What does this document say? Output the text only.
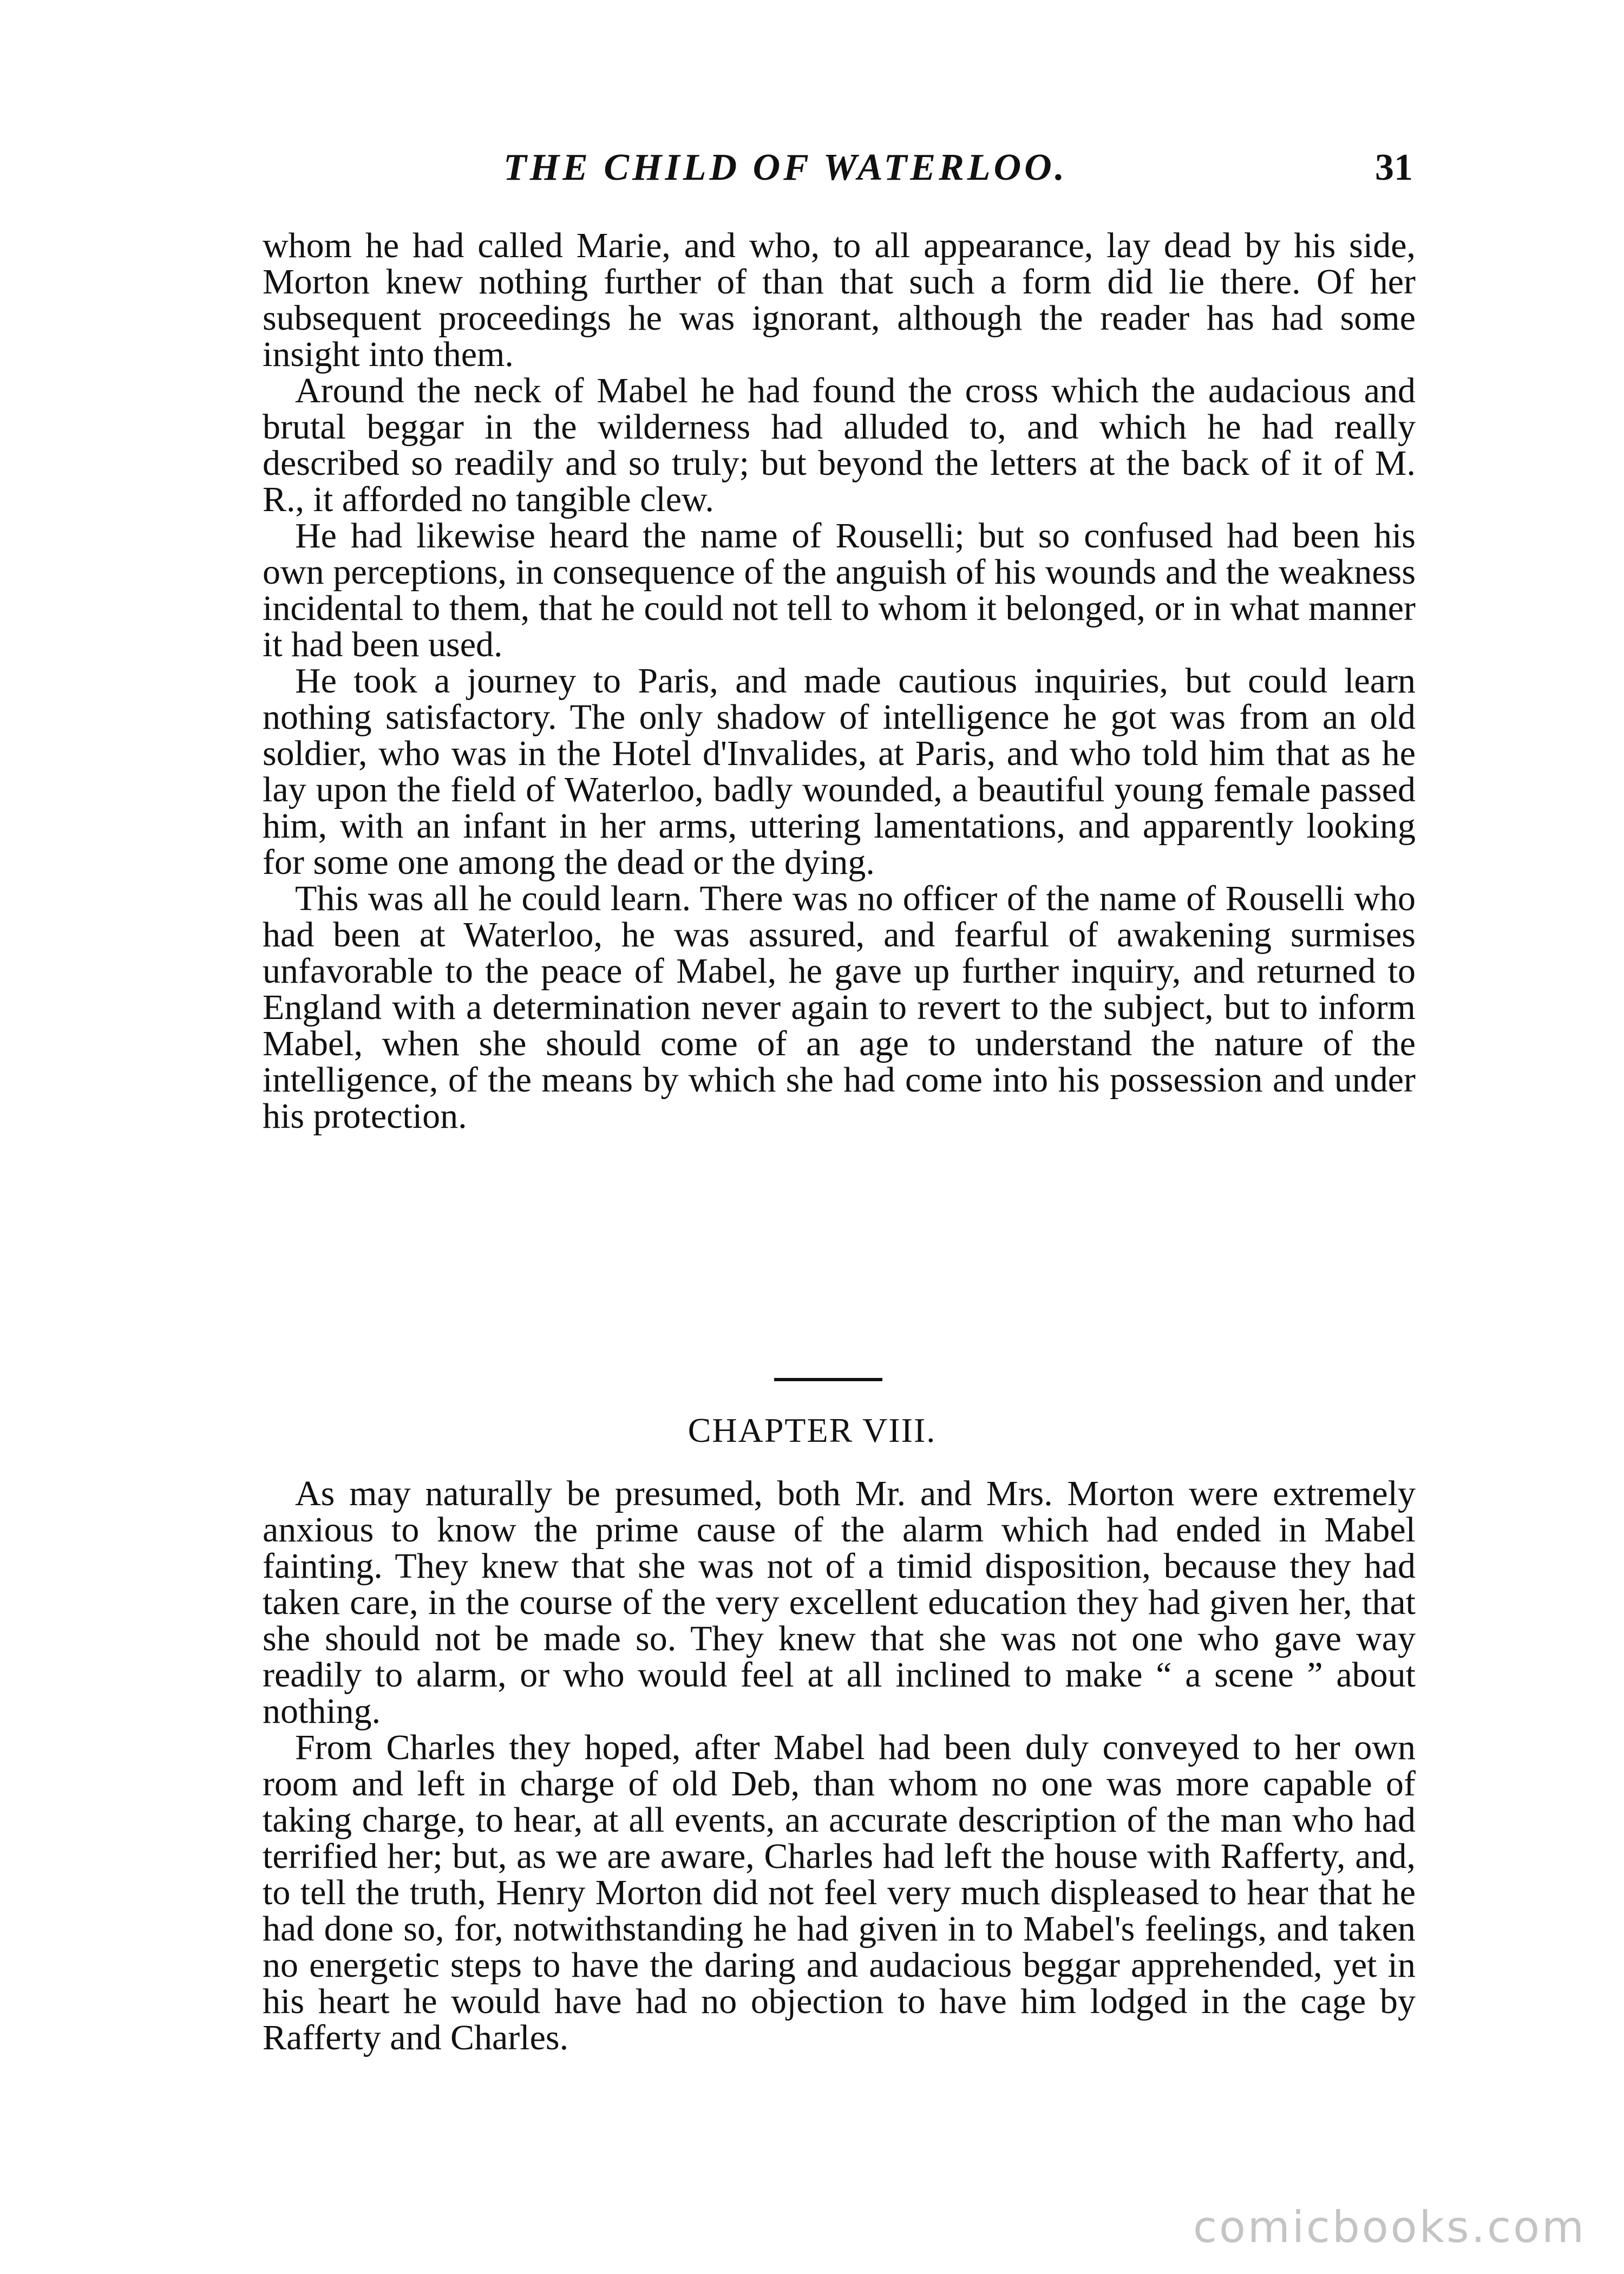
THE CHILD OF WATERLOO.	31

whom he had called Marie, and who, to all appearance, lay dead by his side, Morton knew nothing further of than that such a form did lie there. Of her subsequent proceedings he was ignorant, although the reader has had some insight into them.

Around the neck of Mabel he had found the cross which the audacious and brutal beggar in the wilderness had alluded to, and which he had really described so readily and so truly; but beyond the letters at the back of it of M. R., it afforded no tangible clew.

He had likewise heard the name of Rouselli; but so confused had been his own perceptions, in consequence of the anguish of his wounds and the weakness incidental to them, that he could not tell to whom it belonged, or in what manner it had been used.

He took a journey to Paris, and made cautious inquiries, but could learn nothing satisfactory. The only shadow of intelligence he got was from an old soldier, who was in the Hotel d'Invalides, at Paris, and who told him that as he lay upon the field of Waterloo, badly wounded, a beautiful young female passed him, with an infant in her arms, uttering lamentations, and apparently looking for some one among the dead or the dying.

This was all he could learn. There was no officer of the name of Rouselli who had been at Waterloo, he was assured, and fearful of awakening surmises unfavorable to the peace of Mabel, he gave up further inquiry, and returned to England with a determination never again to revert to the subject, but to inform Mabel, when she should come of an age to understand the nature of the intelligence, of the means by which she had come into his possession and under his protection.

CHAPTER VIII.

As may naturally be presumed, both Mr. and Mrs. Morton were extremely anxious to know the prime cause of the alarm which had ended in Mabel fainting. They knew that she was not of a timid disposition, because they had taken care, in the course of the very excellent education they had given her, that she should not be made so. They knew that she was not one who gave way readily to alarm, or who would feel at all inclined to make “ a scene ” about nothing.

From Charles they hoped, after Mabel had been duly conveyed to her own room and left in charge of old Deb, than whom no one was more capable of taking charge, to hear, at all events, an accurate description of the man who had terrified her; but, as we are aware, Charles had left the house with Rafferty, and, to tell the truth, Henry Morton did not feel very much displeased to hear that he had done so, for, notwithstanding he had given in to Mabel's feelings, and taken no energetic steps to have the daring and audacious beggar apprehended, yet in his heart he would have had no objection to have him lodged in the cage by Rafferty and Charles.

comicbooks.com
